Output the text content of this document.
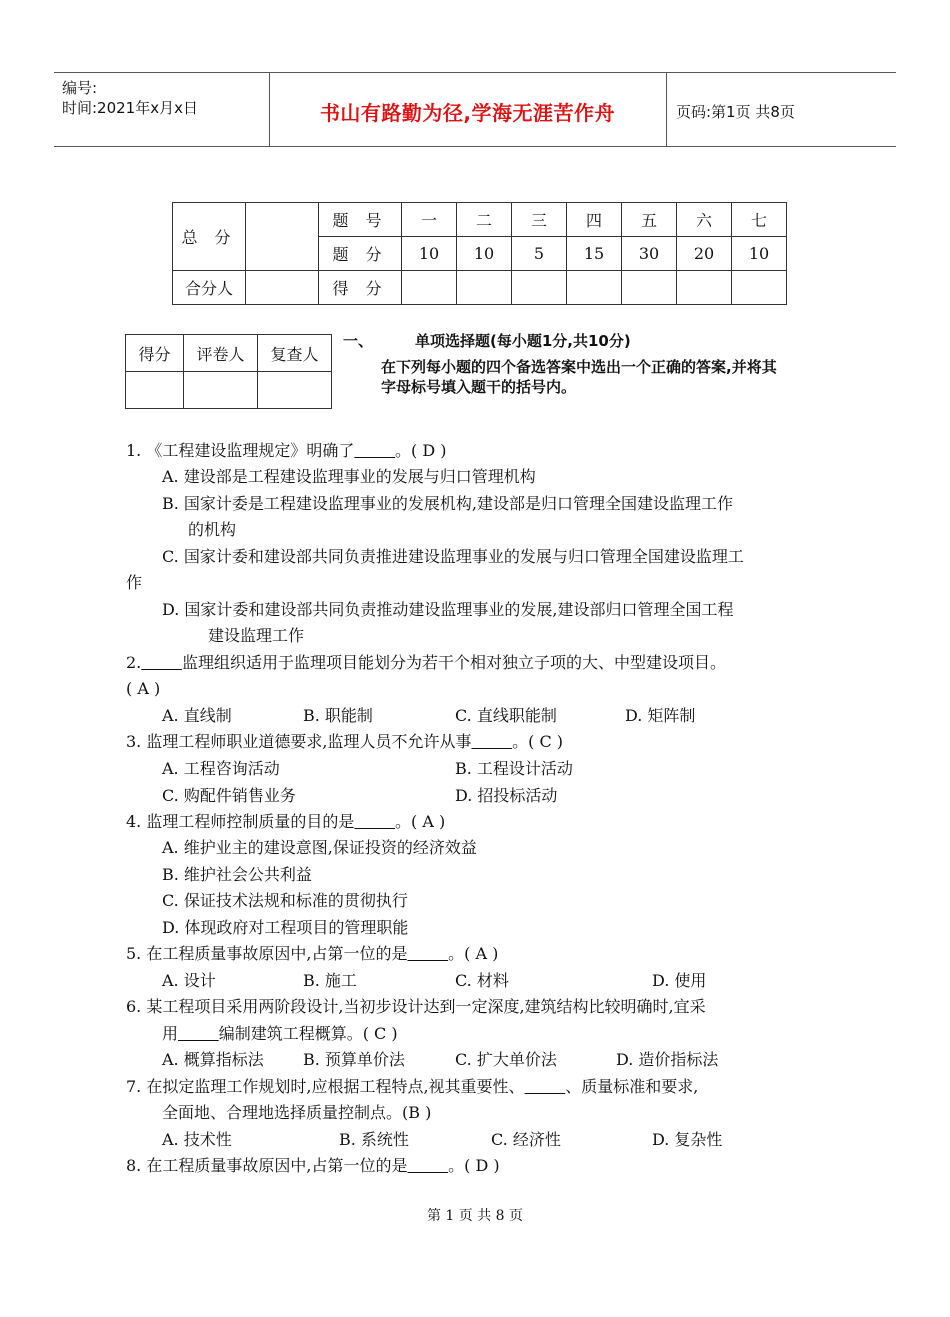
编号:
时间:2021年x月x日	书山有路勤为径,学海无涯苦作舟	页码:第1页 共8页
总 分		题 号	一	二	三	四	五	六	七
		题 分	10	10	5	15	30	20	10
合分人		得 分							
得分	评卷人	复查人

一、	单项选择题(每小题1分,共10分)
在下列每小题的四个备选答案中选出一个正确的答案,并将其字母标号填入题干的括号内。
1. 《工程建设监理规定》明确了	。( D )
A. 建设部是工程建设监理事业的发展与归口管理机构
B. 国家计委是工程建设监理事业的发展机构,建设部是归口管理全国建设监理工作
的机构
C. 国家计委和建设部共同负责推进建设监理事业的发展与归口管理全国建设监理工
作
D. 国家计委和建设部共同负责推动建设监理事业的发展,建设部归口管理全国工程
建设监理工作
2.	监理组织适用于监理项目能划分为若干个相对独立子项的大、中型建设项目。
( A )
A. 直线制	B. 职能制	C. 直线职能制	D. 矩阵制
3. 监理工程师职业道德要求,监理人员不允许从事	。( C )
A. 工程咨询活动	B. 工程设计活动
C. 购配件销售业务	D. 招投标活动
4. 监理工程师控制质量的目的是	。( A )
A. 维护业主的建设意图,保证投资的经济效益
B. 维护社会公共利益
C. 保证技术法规和标准的贯彻执行
D. 体现政府对工程项目的管理职能
5. 在工程质量事故原因中,占第一位的是	。( A )
A. 设计	B. 施工	C. 材料	D. 使用
6. 某工程项目采用两阶段设计,当初步设计达到一定深度,建筑结构比较明确时,宜采
用	编制建筑工程概算。( C )
A. 概算指标法 B. 预算单价法	C. 扩大单价法	D. 造价指标法
7. 在拟定监理工作规划时,应根据工程特点,视其重要性、	、质量标准和要求,
全面地、合理地选择质量控制点。(B )
A. 技术性	B. 系统性	C. 经济性	D. 复杂性
8. 在工程质量事故原因中,占第一位的是	。( D )
第 1 页 共 8 页
